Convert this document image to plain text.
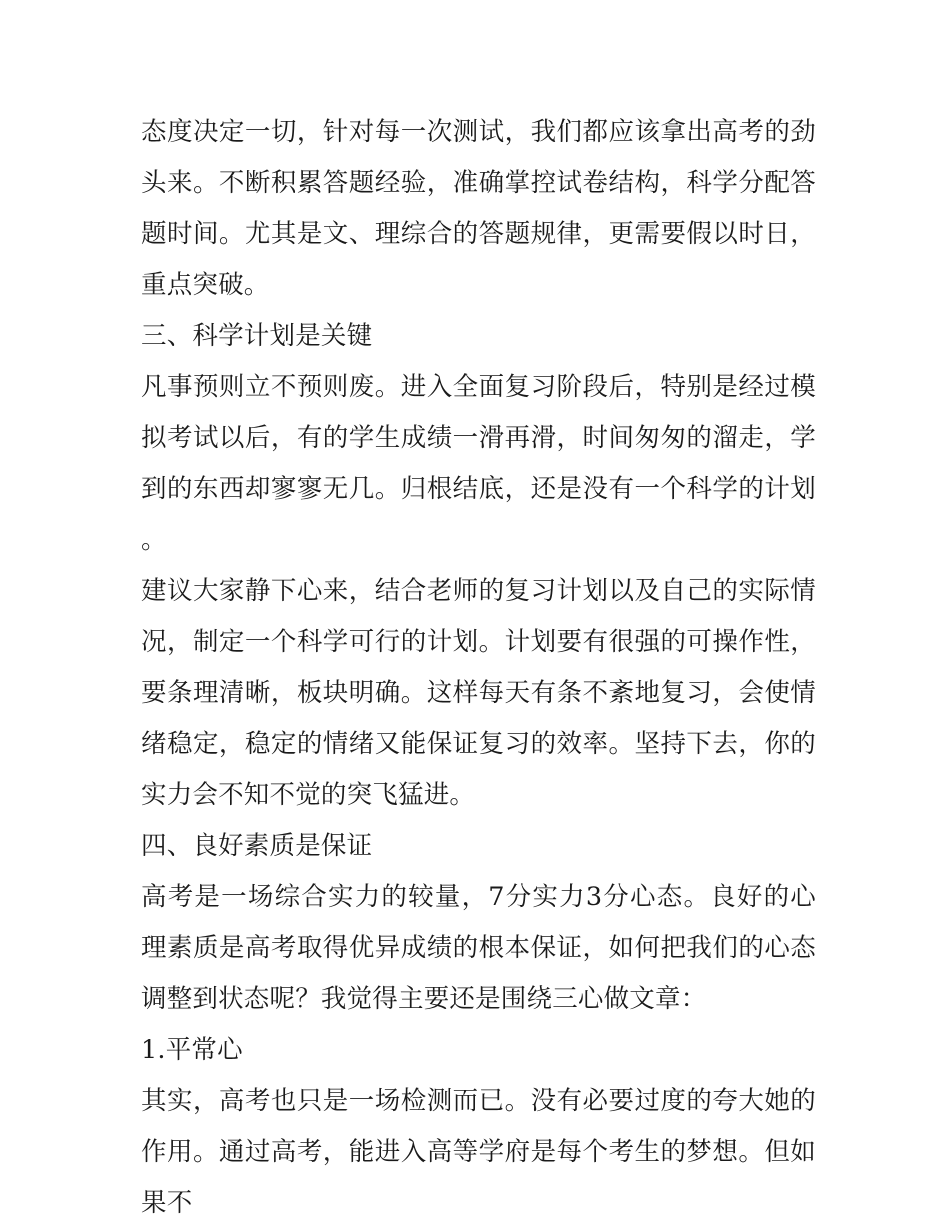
态度决定一切，针对每一次测试，我们都应该拿出高考的劲头来。不断积累答题经验，准确掌控试卷结构，科学分配答题时间。尤其是文、理综合的答题规律，更需要假以时日，重点突破。

三、科学计划是关键

凡事预则立不预则废。进入全面复习阶段后，特别是经过模拟考试以后，有的学生成绩一滑再滑，时间匆匆的溜走，学到的东西却寥寥无几。归根结底，还是没有一个科学的计划。

建议大家静下心来，结合老师的复习计划以及自己的实际情况，制定一个科学可行的计划。计划要有很强的可操作性，要条理清晰，板块明确。这样每天有条不紊地复习，会使情绪稳定，稳定的情绪又能保证复习的效率。坚持下去，你的实力会不知不觉的突飞猛进。

四、良好素质是保证

高考是一场综合实力的较量，7分实力3分心态。良好的心理素质是高考取得优异成绩的根本保证，如何把我们的心态调整到状态呢？我觉得主要还是围绕三心做文章：

1.平常心

其实，高考也只是一场检测而已。没有必要过度的夸大她的作用。通过高考，能进入高等学府是每个考生的梦想。但如果不
